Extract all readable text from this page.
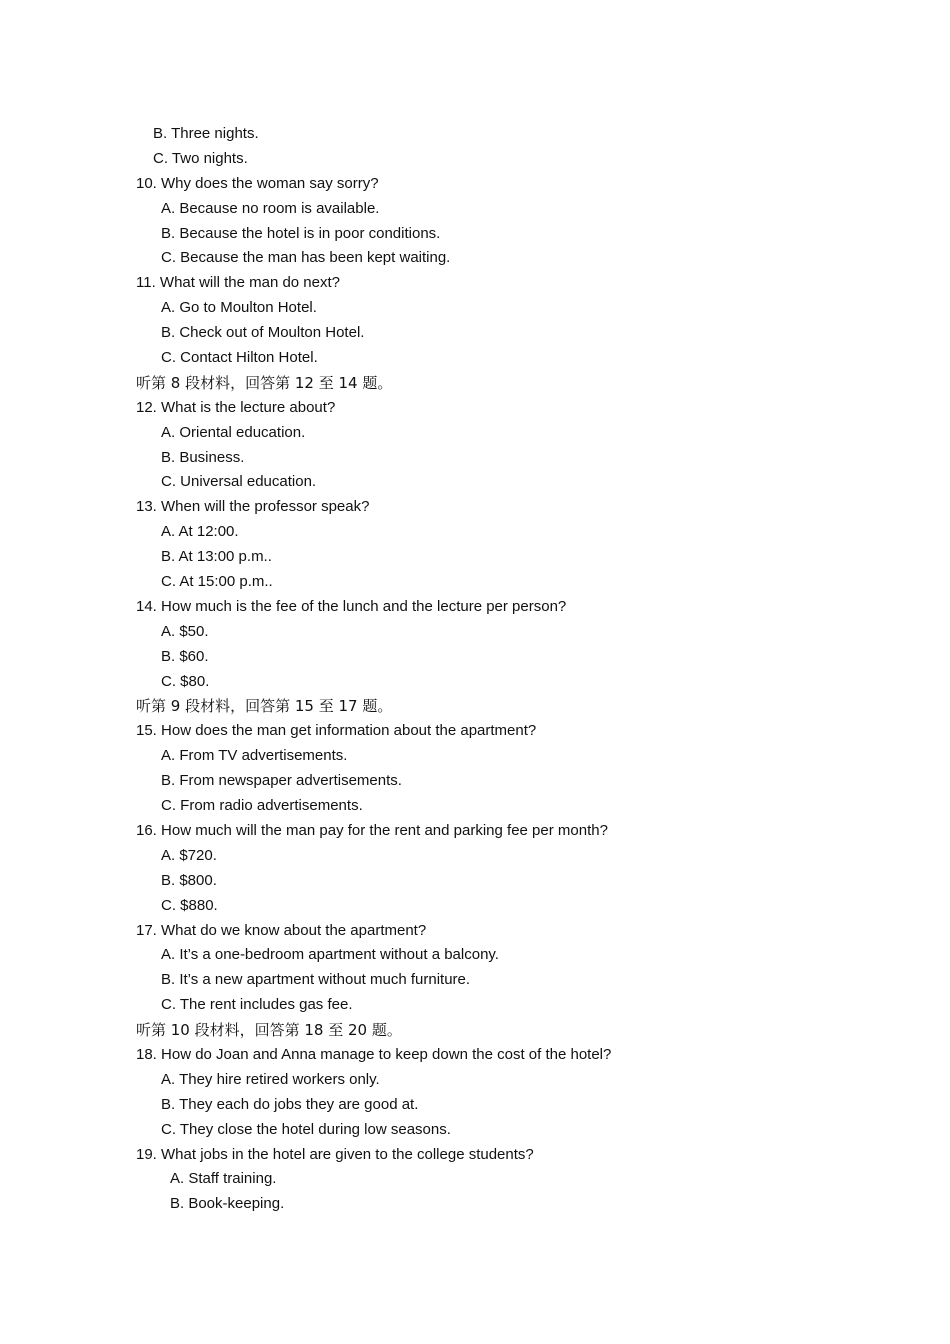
B. Three nights.
C. Two nights.
10. Why does the woman say sorry?
A. Because no room is available.
B. Because the hotel is in poor conditions.
C. Because the man has been kept waiting.
11. What will the man do next?
A. Go to Moulton Hotel.
B. Check out of Moulton Hotel.
C. Contact Hilton Hotel.
听第 8 段材料，回答第 12 至 14 题。
12. What is the lecture about?
A. Oriental education.
B. Business.
C. Universal education.
13. When will the professor speak?
A. At 12:00.
B. At 13:00 p.m..
C. At 15:00 p.m..
14. How much is the fee of the lunch and the lecture per person?
A. $50.
B. $60.
C. $80.
听第 9 段材料，回答第 15 至 17 题。
15. How does the man get information about the apartment?
A. From TV advertisements.
B. From newspaper advertisements.
C. From radio advertisements.
16. How much will the man pay for the rent and parking fee per month?
A. $720.
B. $800.
C. $880.
17. What do we know about the apartment?
A. It’s a one-bedroom apartment without a balcony.
B. It’s a new apartment without much furniture.
C. The rent includes gas fee.
听第 10 段材料，回答第 18 至 20 题。
18. How do Joan and Anna manage to keep down the cost of the hotel?
A. They hire retired workers only.
B. They each do jobs they are good at.
C. They close the hotel during low seasons.
19. What jobs in the hotel are given to the college students?
A. Staff training.
B. Book-keeping.
